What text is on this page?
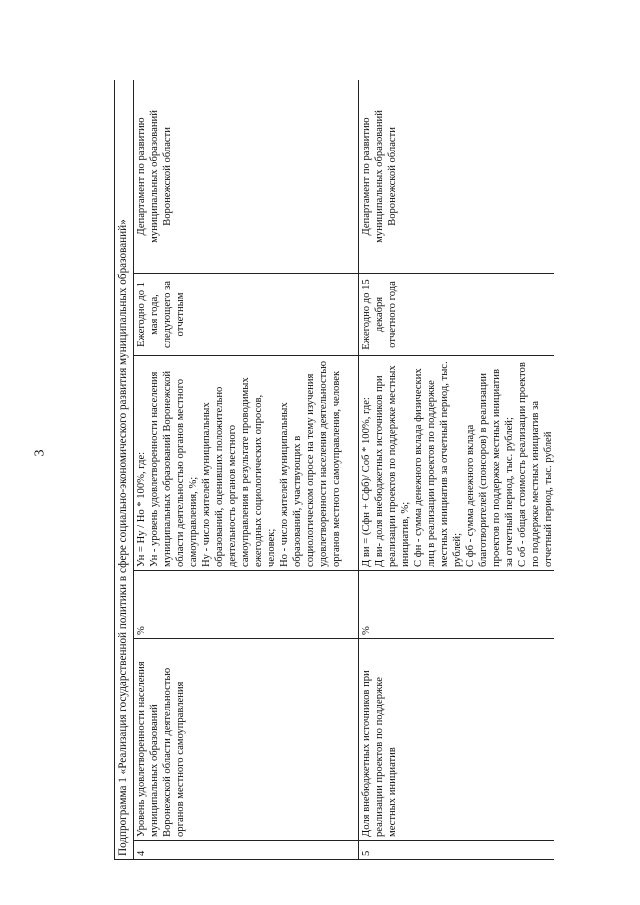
3	Подпрограмма 1 «Реализация государственной политики в сфере социально-экономического развития муниципальных образований»					
4	Уровень удовлетворенности населения муниципальных образований Воронежской области деятельностью органов местного самоуправления	%	Ун = Ну / Но * 100%, где: Ун - уровень удовлетворенности населения муниципальных образований Воронежской области деятельностью органов местного самоуправления, %; Ну - число жителей муниципальных образований, оценивших положительно деятельность органов местного самоуправления в результате проводимых ежегодных социологических опросов, человек; Но - число жителей муниципальных образований, участвующих в социологическом опросе на тему изучения удовлетворенности населения деятельностью органов местного самоуправления, человек	Ежегодно до 1 мая года, следующего за отчетным	Департамент по развитию муниципальных образований Воронежской области
5	Доля внебюджетных источников при реализации проектов по поддержке местных инициатив	%	Д ви = (Сфн + Сфб)/ Соб * 100%, где: Д ви- доля внебюджетных источников при реализации проектов по поддержке местных инициатив, %; С фн - сумма денежного вклада физических лиц в реализации проектов по поддержке местных инициатив за отчетный период, тыс. рублей; С фб - сумма денежного вклада благотворителей (спонсоров) в реализации проектов по поддержке местных инициатив за отчетный период, тыс. рублей; С об - общая стоимость реализации проектов по поддержке местных инициатив за отчетный период, тыс. рублей	Ежегодно до 15 декабря отчетного года	Департамент по развитию муниципальных образований Воронежской области
